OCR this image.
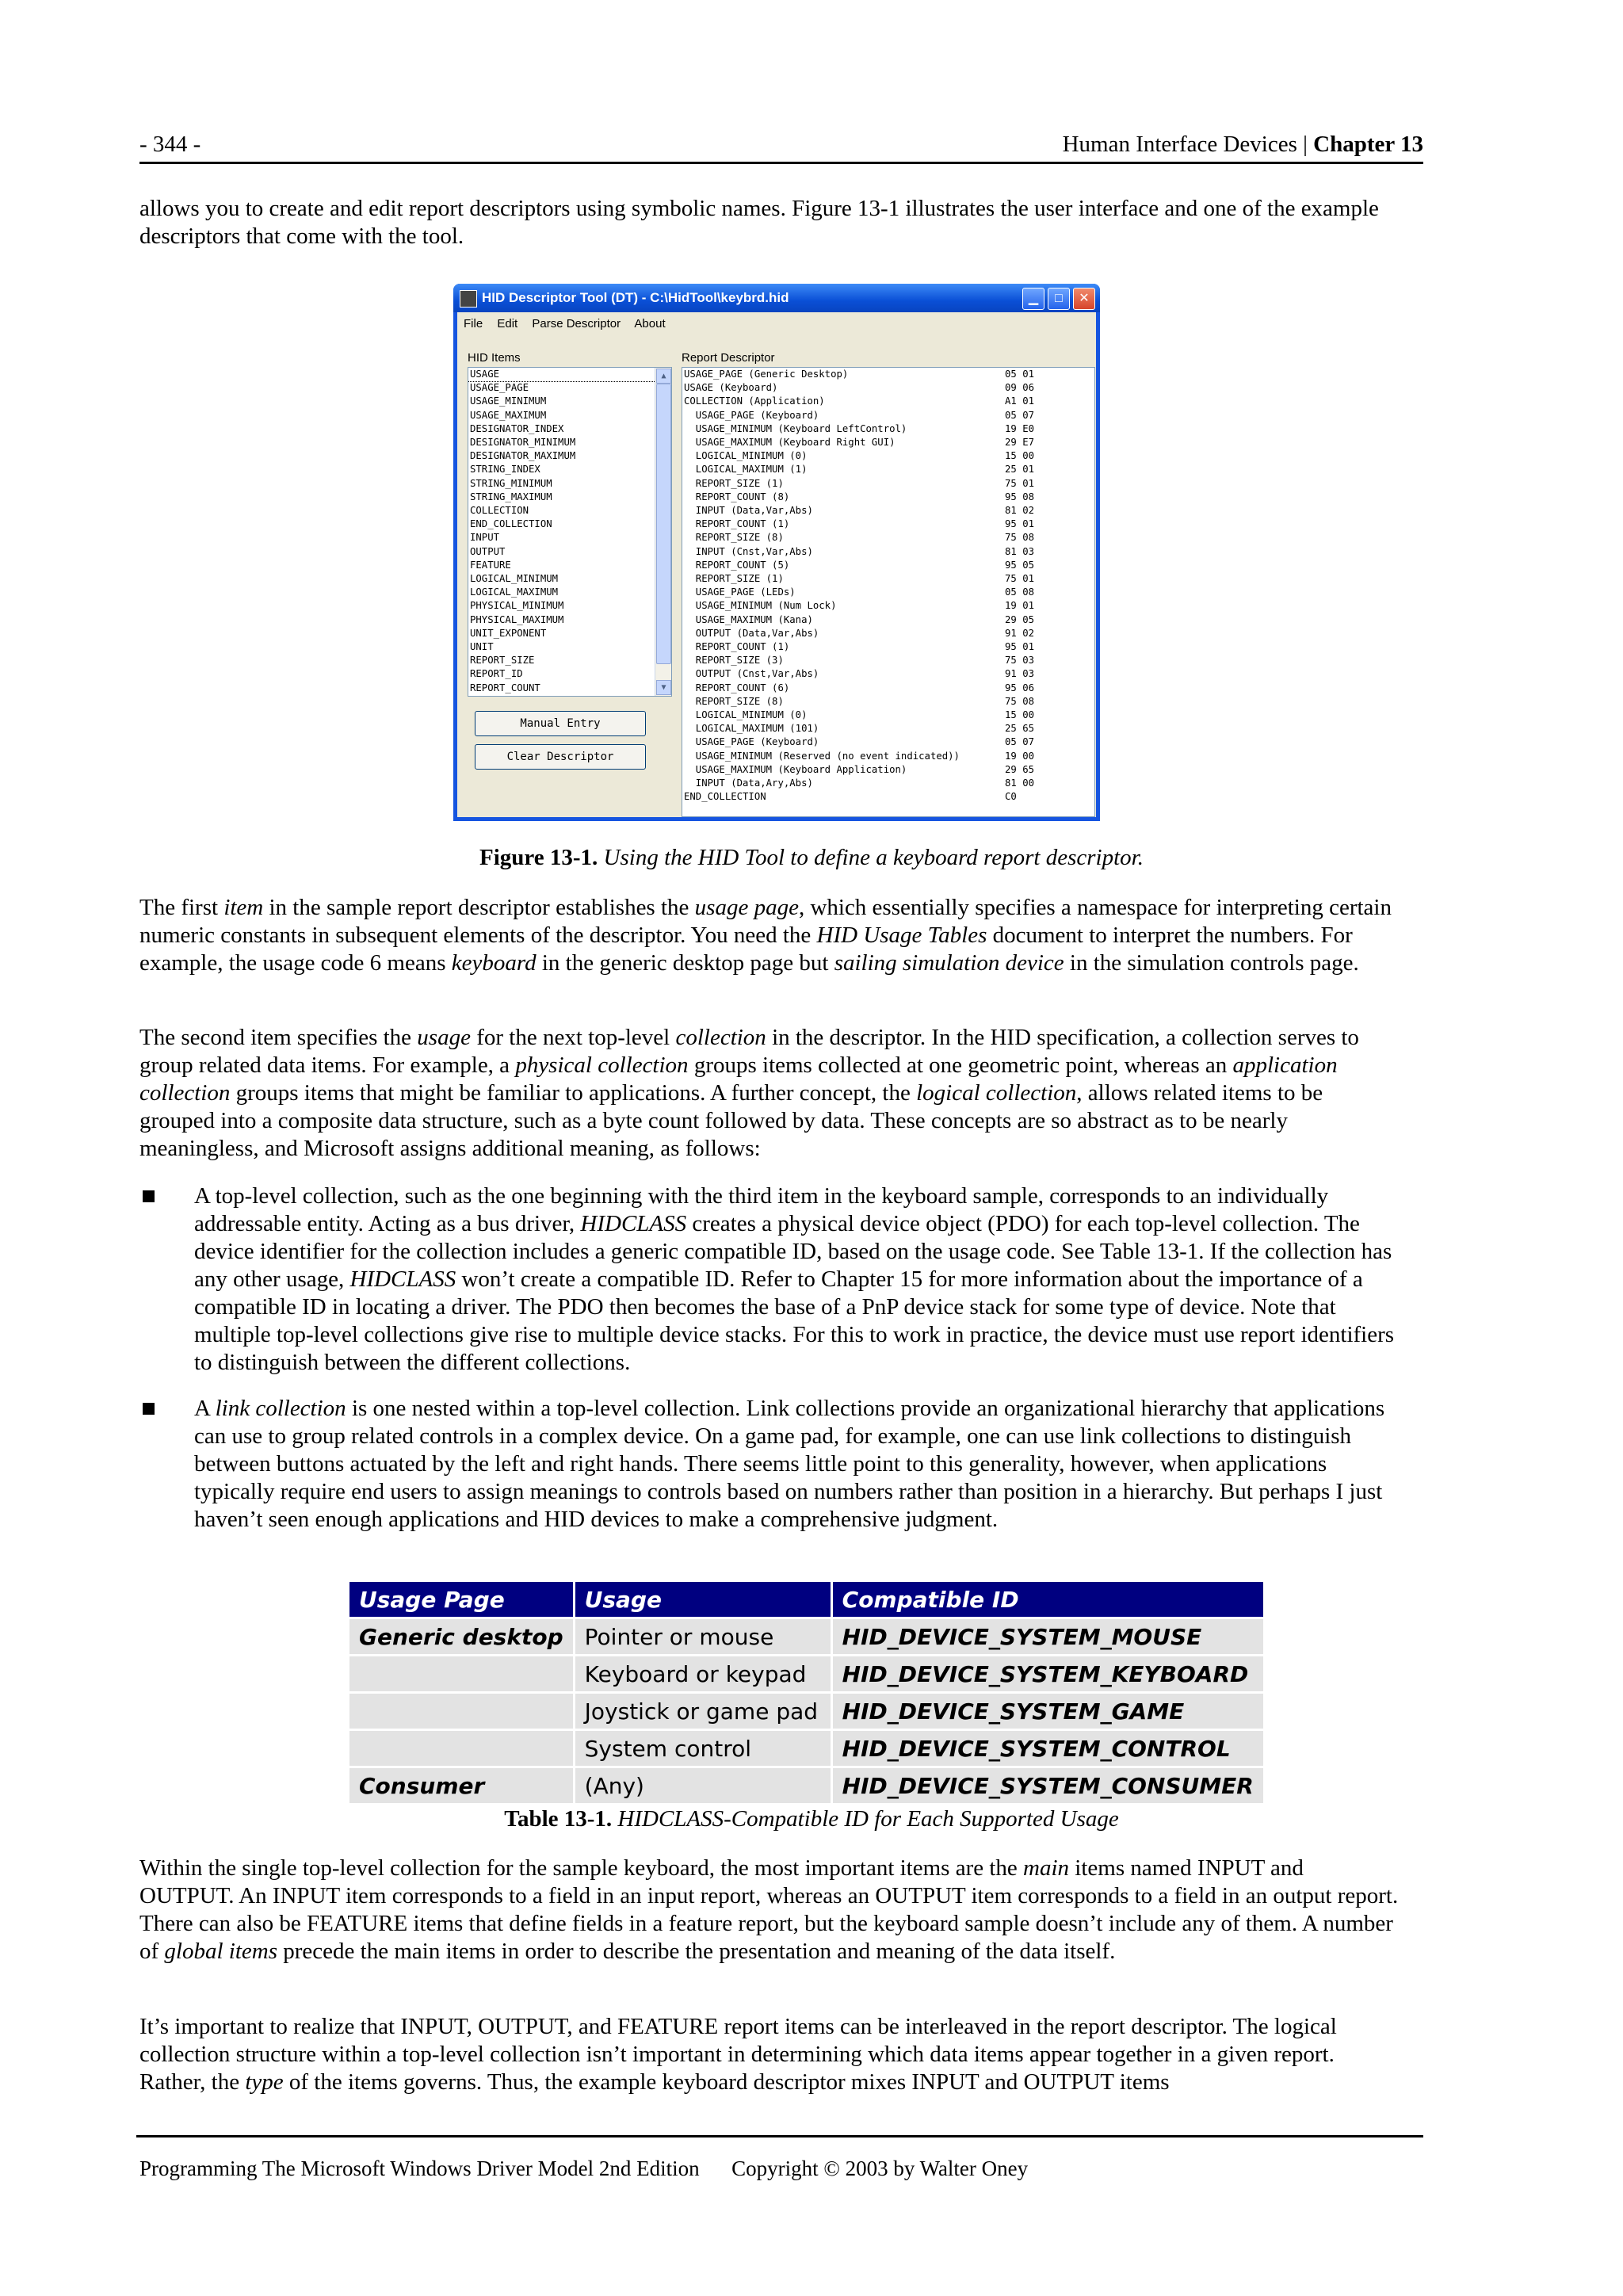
- 344 -	Human Interface Devices | Chapter 13

allows you to create and edit report descriptors using symbolic names. Figure 13-1 illustrates the user interface and one of the example descriptors that come with the tool.

HID Descriptor Tool (DT) - C:\HidTool\keybrd.hid	▁	□	✕
File Edit Parse Descriptor About
HID Items	Report Descriptor
USAGE
USAGE_PAGE
USAGE_MINIMUM
USAGE_MAXIMUM
DESIGNATOR_INDEX
DESIGNATOR_MINIMUM
DESIGNATOR_MAXIMUM
STRING_INDEX
STRING_MINIMUM
STRING_MAXIMUM
COLLECTION
END_COLLECTION
INPUT
OUTPUT
FEATURE
LOGICAL_MINIMUM
LOGICAL_MAXIMUM
PHYSICAL_MINIMUM
PHYSICAL_MAXIMUM
UNIT_EXPONENT
UNIT
REPORT_SIZE
REPORT_ID
REPORT_COUNT
▲
▼
Manual Entry
Clear Descriptor
USAGE_PAGE (Generic Desktop)	05 01
USAGE (Keyboard)	09 06
COLLECTION (Application)	A1 01
USAGE_PAGE (Keyboard)	05 07
USAGE_MINIMUM (Keyboard LeftControl)	19 E0
USAGE_MAXIMUM (Keyboard Right GUI)	29 E7
LOGICAL_MINIMUM (0)	15 00
LOGICAL_MAXIMUM (1)	25 01
REPORT_SIZE (1)	75 01
REPORT_COUNT (8)	95 08
INPUT (Data,Var,Abs)	81 02
REPORT_COUNT (1)	95 01
REPORT_SIZE (8)	75 08
INPUT (Cnst,Var,Abs)	81 03
REPORT_COUNT (5)	95 05
REPORT_SIZE (1)	75 01
USAGE_PAGE (LEDs)	05 08
USAGE_MINIMUM (Num Lock)	19 01
USAGE_MAXIMUM (Kana)	29 05
OUTPUT (Data,Var,Abs)	91 02
REPORT_COUNT (1)	95 01
REPORT_SIZE (3)	75 03
OUTPUT (Cnst,Var,Abs)	91 03
REPORT_COUNT (6)	95 06
REPORT_SIZE (8)	75 08
LOGICAL_MINIMUM (0)	15 00
LOGICAL_MAXIMUM (101)	25 65
USAGE_PAGE (Keyboard)	05 07
USAGE_MINIMUM (Reserved (no event indicated))	19 00
USAGE_MAXIMUM (Keyboard Application)	29 65
INPUT (Data,Ary,Abs)	81 00
END_COLLECTION	C0
Figure 13-1. Using the HID Tool to define a keyboard report descriptor.

The first item in the sample report descriptor establishes the usage page, which essentially specifies a namespace for interpreting certain numeric constants in subsequent elements of the descriptor. You need the HID Usage Tables document to interpret the numbers. For example, the usage code 6 means keyboard in the generic desktop page but sailing simulation device in the simulation controls page.

The second item specifies the usage for the next top-level collection in the descriptor. In the HID specification, a collection serves to group related data items. For example, a physical collection groups items collected at one geometric point, whereas an application collection groups items that might be familiar to applications. A further concept, the logical collection, allows related items to be grouped into a composite data structure, such as a byte count followed by data. These concepts are so abstract as to be nearly meaningless, and Microsoft assigns additional meaning, as follows:

A top-level collection, such as the one beginning with the third item in the keyboard sample, corresponds to an individually addressable entity. Acting as a bus driver, HIDCLASS creates a physical device object (PDO) for each top-level collection. The device identifier for the collection includes a generic compatible ID, based on the usage code. See Table 13-1. If the collection has any other usage, HIDCLASS won’t create a compatible ID. Refer to Chapter 15 for more information about the importance of a compatible ID in locating a driver. The PDO then becomes the base of a PnP device stack for some type of device. Note that multiple top-level collections give rise to multiple device stacks. For this to work in practice, the device must use report identifiers to distinguish between the different collections.
A link collection is one nested within a top-level collection. Link collections provide an organizational hierarchy that applications can use to group related controls in a complex device. On a game pad, for example, one can use link collections to distinguish between buttons actuated by the left and right hands. There seems little point to this generality, however, when applications typically require end users to assign meanings to controls based on numbers rather than position in a hierarchy. But perhaps I just haven’t seen enough applications and HID devices to make a comprehensive judgment.
Usage Page	Usage	Compatible ID
Generic desktop	Pointer or mouse	HID_DEVICE_SYSTEM_MOUSE
	Keyboard or keypad	HID_DEVICE_SYSTEM_KEYBOARD
	Joystick or game pad	HID_DEVICE_SYSTEM_GAME
	System control	HID_DEVICE_SYSTEM_CONTROL
Consumer	(Any)	HID_DEVICE_SYSTEM_CONSUMER
Table 13-1. HIDCLASS-Compatible ID for Each Supported Usage

Within the single top-level collection for the sample keyboard, the most important items are the main items named INPUT and OUTPUT. An INPUT item corresponds to a field in an input report, whereas an OUTPUT item corresponds to a field in an output report. There can also be FEATURE items that define fields in a feature report, but the keyboard sample doesn’t include any of them. A number of global items precede the main items in order to describe the presentation and meaning of the data itself.

It’s important to realize that INPUT, OUTPUT, and FEATURE report items can be interleaved in the report descriptor. The logical collection structure within a top-level collection isn’t important in determining which data items appear together in a given report. Rather, the type of the items governs. Thus, the example keyboard descriptor mixes INPUT and OUTPUT items

Programming The Microsoft Windows Driver Model 2nd Edition      Copyright © 2003 by Walter Oney
